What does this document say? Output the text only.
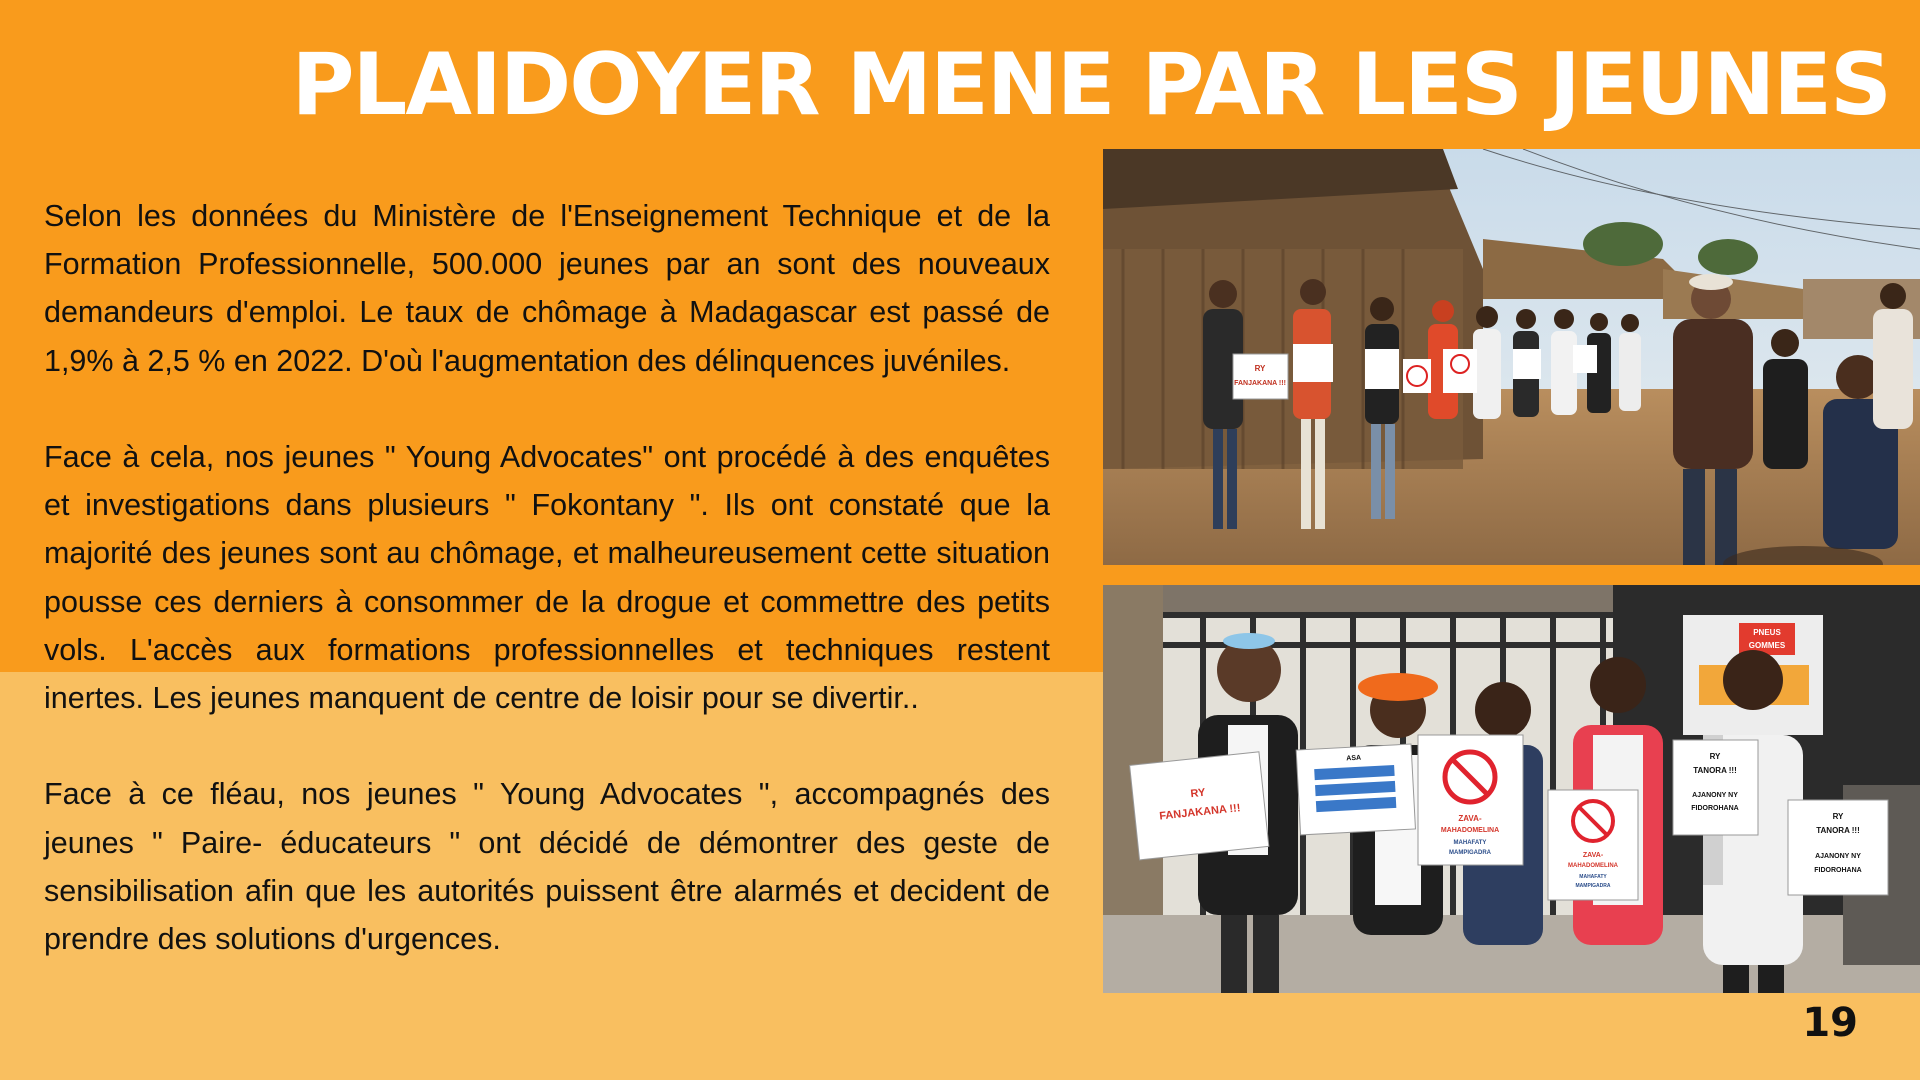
PLAIDOYER MENE PAR LES JEUNES

Selon les données du Ministère de l'Enseignement Technique et de la Formation Professionnelle, 500.000 jeunes par an sont des nouveaux demandeurs d'emploi. Le taux de chômage à Madagascar est passé de 1,9% à 2,5 % en 2022. D'où l'augmentation des délinquences juvéniles.

Face à cela, nos jeunes " Young Advocates" ont procédé à des enquêtes et investigations dans plusieurs " Fokontany ". Ils ont constaté que la majorité des jeunes sont au chômage, et malheureusement cette situation pousse ces derniers à consommer de la drogue et commettre des petits vols. L'accès aux formations professionnelles et techniques restent inertes. Les jeunes manquent de centre de loisir pour se divertir..

Face à ce fléau, nos jeunes " Young Advocates ", accompagnés des jeunes " Paire- éducateurs " ont décidé de démontrer des geste de sensibilisation afin que les autorités puissent être alarmés et decident de prendre des solutions d'urgences.

RY
FANJAKANA !!!
PNEUS
GOMMES
RY
FANJAKANA !!!
ASA
ZAVA-
MAHADOMELINA
MAHAFATY
MAMPIGADRA	ZAVA-
MAHADOMELINA
MAHAFATY
MAMPIGADRA
RY
TANORA !!!
AJANONY NY
FIDOROHANA
RY
TANORA !!!
AJANONY NY
FIDOROHANA

19
